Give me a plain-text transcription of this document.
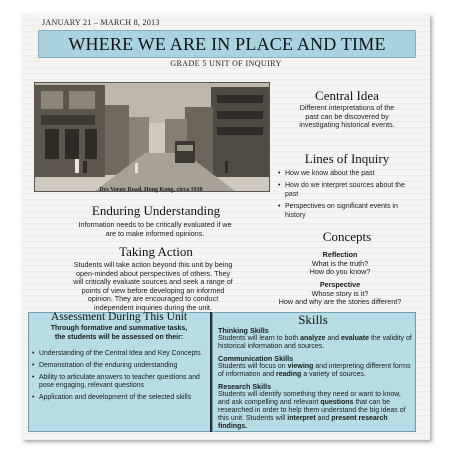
JANUARY 21 – MARCH 8, 2013
WHERE WE ARE IN PLACE AND TIME
GRADE 5 UNIT OF INQUIRY
Des Voeux Road, Hong Kong, circa 1930
Central Idea
Different interpretations of the
past can be discovered by
investigating historical events.
Lines of Inquiry
• How we know about the past
• How do we interpret sources about the past
• Perspectives on significant events in history
Enduring Understanding
Information needs to be critically evaluated if we
are to make informed opinions.	Concepts
Reflection
What is the truth?
How do you know?
Perspective
Whose story is it?
How and why are the stories different?
Taking Action
Students will take action beyond this unit by being
open-minded about perspectives of others. They
will critically evaluate sources and seek a range of
points of view before developing an informed
opinion. They are encouraged to conduct
independent inquiries during the unit.
Assessment During This Unit
Through formative and summative tasks,
the students will be assessed on their:
• Understanding of the Central Idea and Key Concepts
• Demonstration of the enduring understanding
• Ability to articulate answers to teacher questions and pose engaging, relevant questions
• Application and development of the selected skills
Skills
Thinking Skills
Students will learn to both analyze and evaluate the validity of historical information and sources.
Communication Skills
Students will focus on viewing and interpreting different forms of information and reading a variety of sources.
Research Skills
Students will identify something they need or want to know, and ask compelling and relevant questions that can be researched in order to help them understand the big ideas of this unit. Students will interpret and present research findings.
